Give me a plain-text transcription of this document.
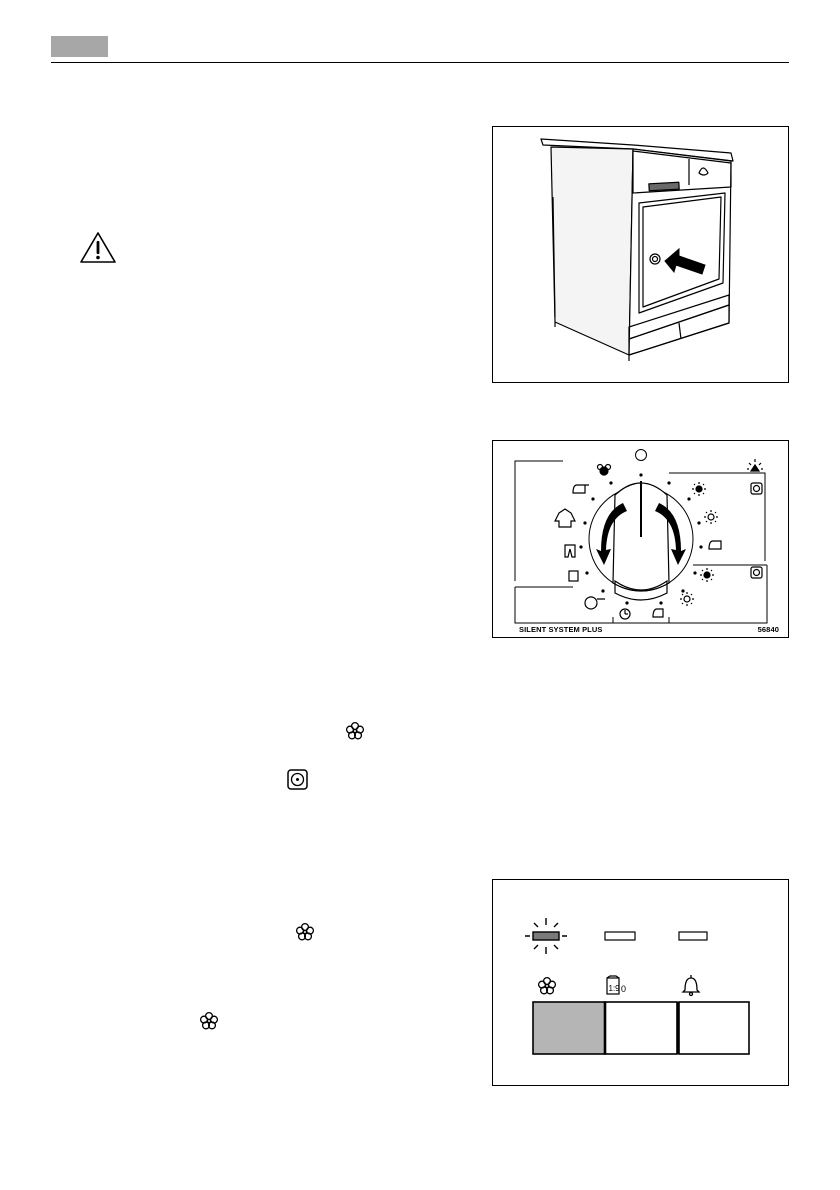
SILENT SYSTEM PLUS	56840
1:9 0
